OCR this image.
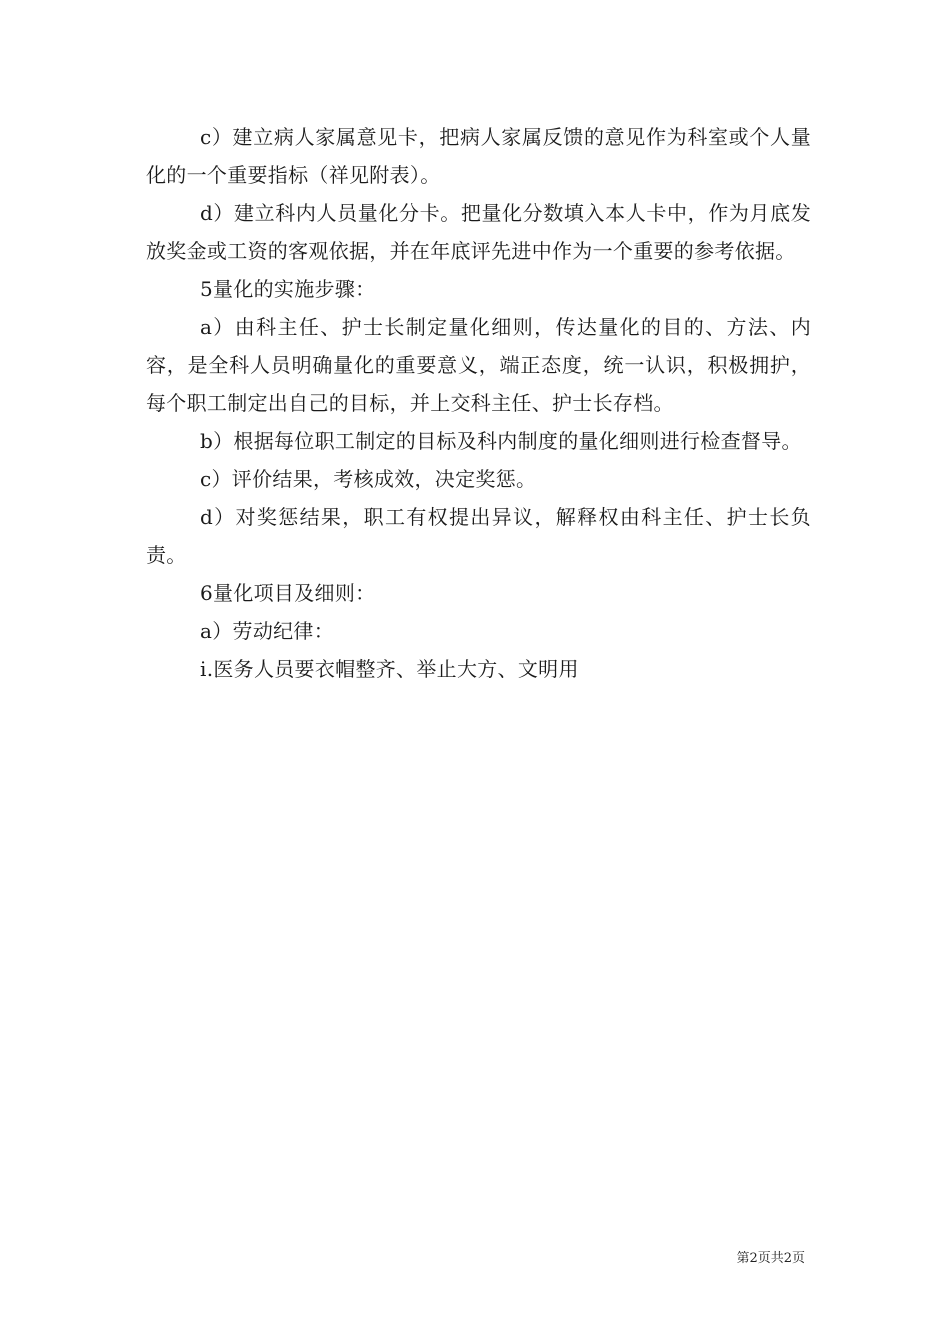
c）建立病人家属意见卡，把病人家属反馈的意见作为科室或个人量化的一个重要指标（祥见附表）。

d）建立科内人员量化分卡。把量化分数填入本人卡中，作为月底发放奖金或工资的客观依据，并在年底评先进中作为一个重要的参考依据。

5量化的实施步骤：

a）由科主任、护士长制定量化细则，传达量化的目的、方法、内容，是全科人员明确量化的重要意义，端正态度，统一认识，积极拥护，每个职工制定出自己的目标，并上交科主任、护士长存档。

b）根据每位职工制定的目标及科内制度的量化细则进行检查督导。

c）评价结果，考核成效，决定奖惩。

d）对奖惩结果，职工有权提出异议，解释权由科主任、护士长负责。

6量化项目及细则：

a）劳动纪律：

i.医务人员要衣帽整齐、举止大方、文明用

第2页共2页
